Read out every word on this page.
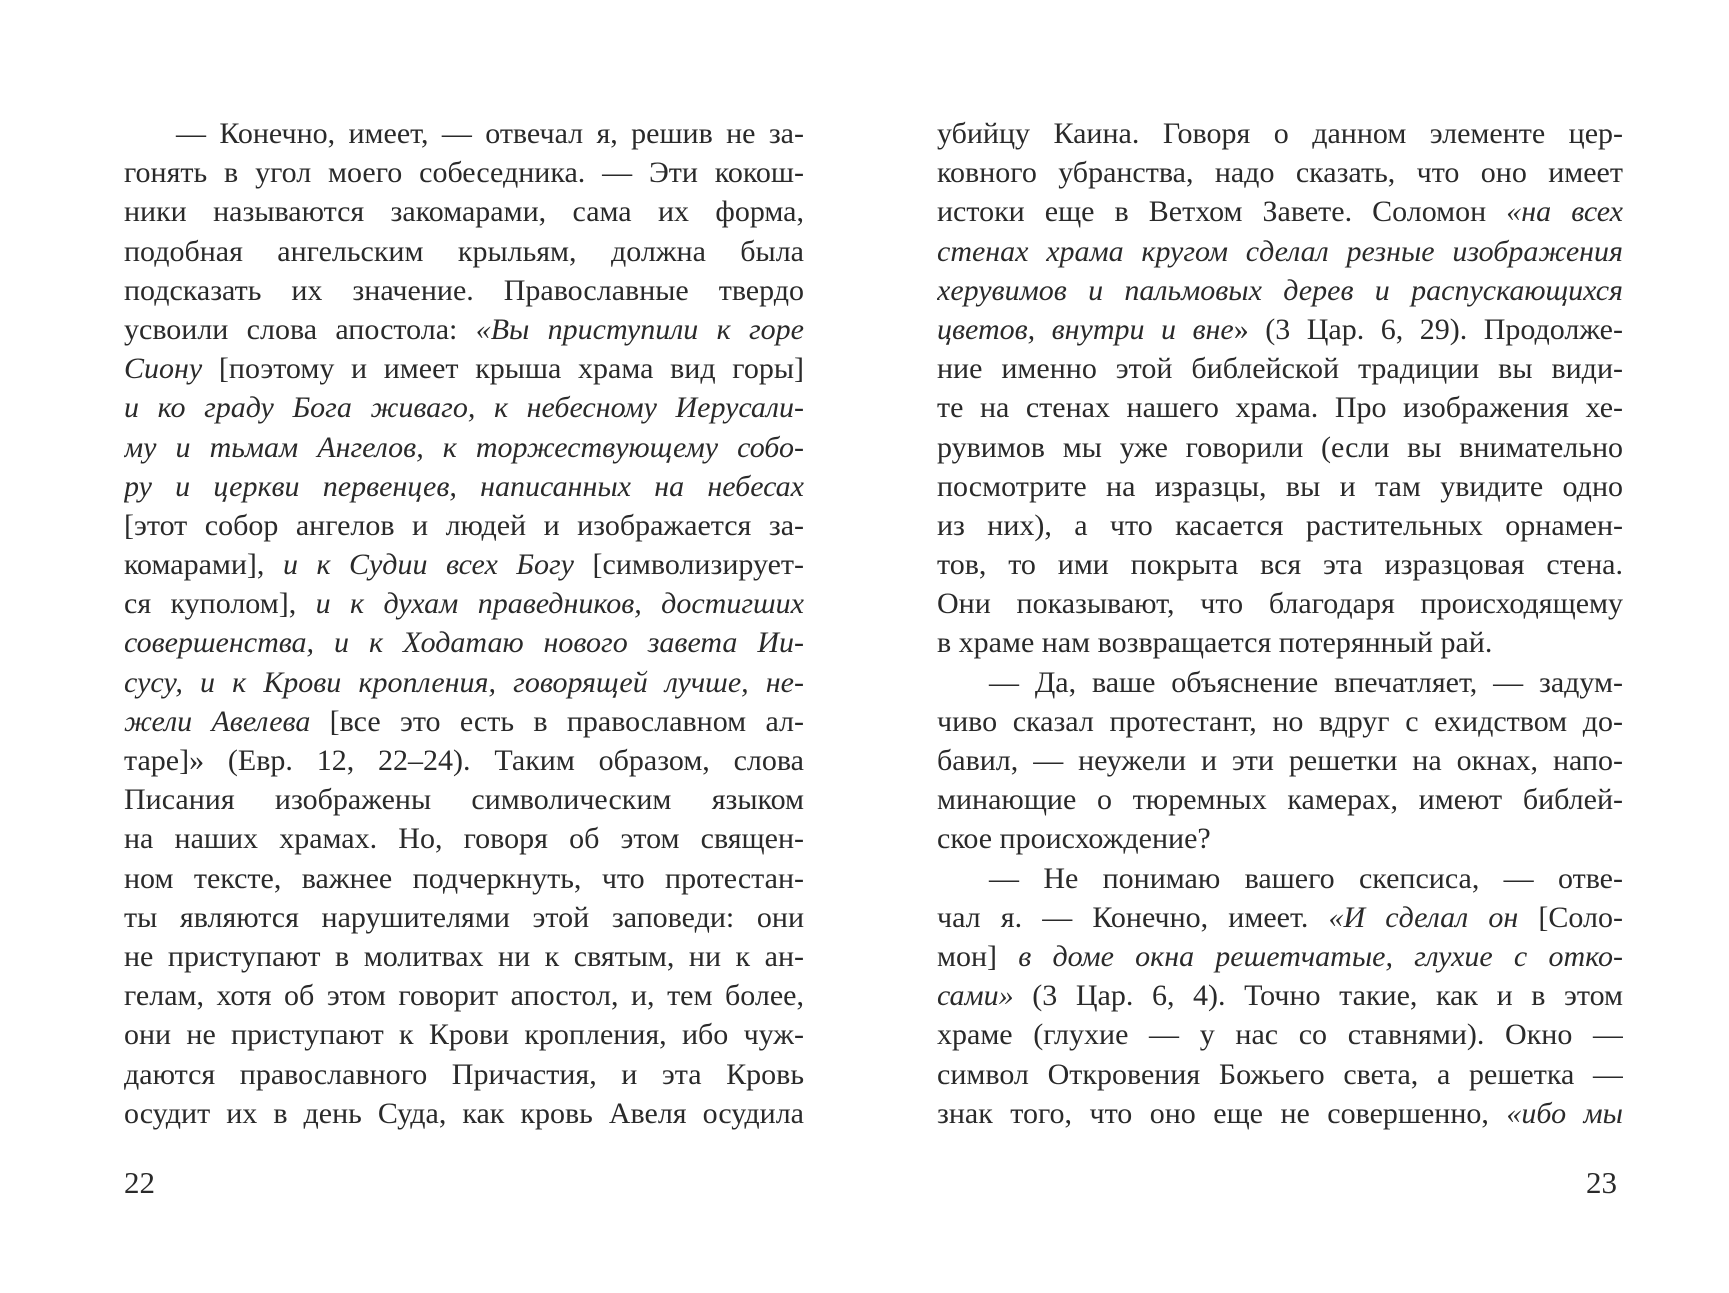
— Конечно, имеет, — отвечал я, решив не за-
гонять в угол моего собеседника. — Эти кокош-
ники называются закомарами, сама их форма,
подобная ангельским крыльям, должна была
подсказать их значение. Православные твердо
усвоили слова апостола: «Вы приступили к горе
Сиону [поэтому и имеет крыша храма вид горы]
и ко граду Бога живаго, к небесному Иерусали-
му и тьмам Ангелов, к торжествующему собо-
ру и церкви первенцев, написанных на небесах
[этот собор ангелов и людей и изображается за-
комарами], и к Судии всех Богу [символизирует-
ся куполом], и к духам праведников, достигших
совершенства, и к Ходатаю нового завета Ии-
сусу, и к Крови кропления, говорящей лучше, не-
жели Авелева [все это есть в православном ал-
таре]» (Евр. 12, 22–24). Таким образом, слова
Писания изображены символическим языком
на наших храмах. Но, говоря об этом священ-
ном тексте, важнее подчеркнуть, что протестан-
ты являются нарушителями этой заповеди: они
не приступают в молитвах ни к святым, ни к ан-
гелам, хотя об этом говорит апостол, и, тем более,
они не приступают к Крови кропления, ибо чуж-
даются православного Причастия, и эта Кровь
осудит их в день Суда, как кровь Авеля осудила
22
убийцу Каина. Говоря о данном элементе цер-
ковного убранства, надо сказать, что оно имеет
истоки еще в Ветхом Завете. Соломон «на всех
стенах храма кругом сделал резные изображения
херувимов и пальмовых дерев и распускающихся
цветов, внутри и вне» (3 Цар. 6, 29). Продолже-
ние именно этой библейской традиции вы види-
те на стенах нашего храма. Про изображения хе-
рувимов мы уже говорили (если вы внимательно
посмотрите на изразцы, вы и там увидите одно
из них), а что касается растительных орнамен-
тов, то ими покрыта вся эта изразцовая стена.
Они показывают, что благодаря происходящему
в храме нам возвращается потерянный рай.
— Да, ваше объяснение впечатляет, — задум-
чиво сказал протестант, но вдруг с ехидством до-
бавил, — неужели и эти решетки на окнах, напо-
минающие о тюремных камерах, имеют библей-
ское происхождение?
— Не понимаю вашего скепсиса, — отве-
чал я. — Конечно, имеет. «И сделал он [Соло-
мон] в доме окна решетчатые, глухие с отко-
сами» (3 Цар. 6, 4). Точно такие, как и в этом
храме (глухие — у нас со ставнями). Окно —
символ Откровения Божьего света, а решетка —
знак того, что оно еще не совершенно, «ибо мы
23
